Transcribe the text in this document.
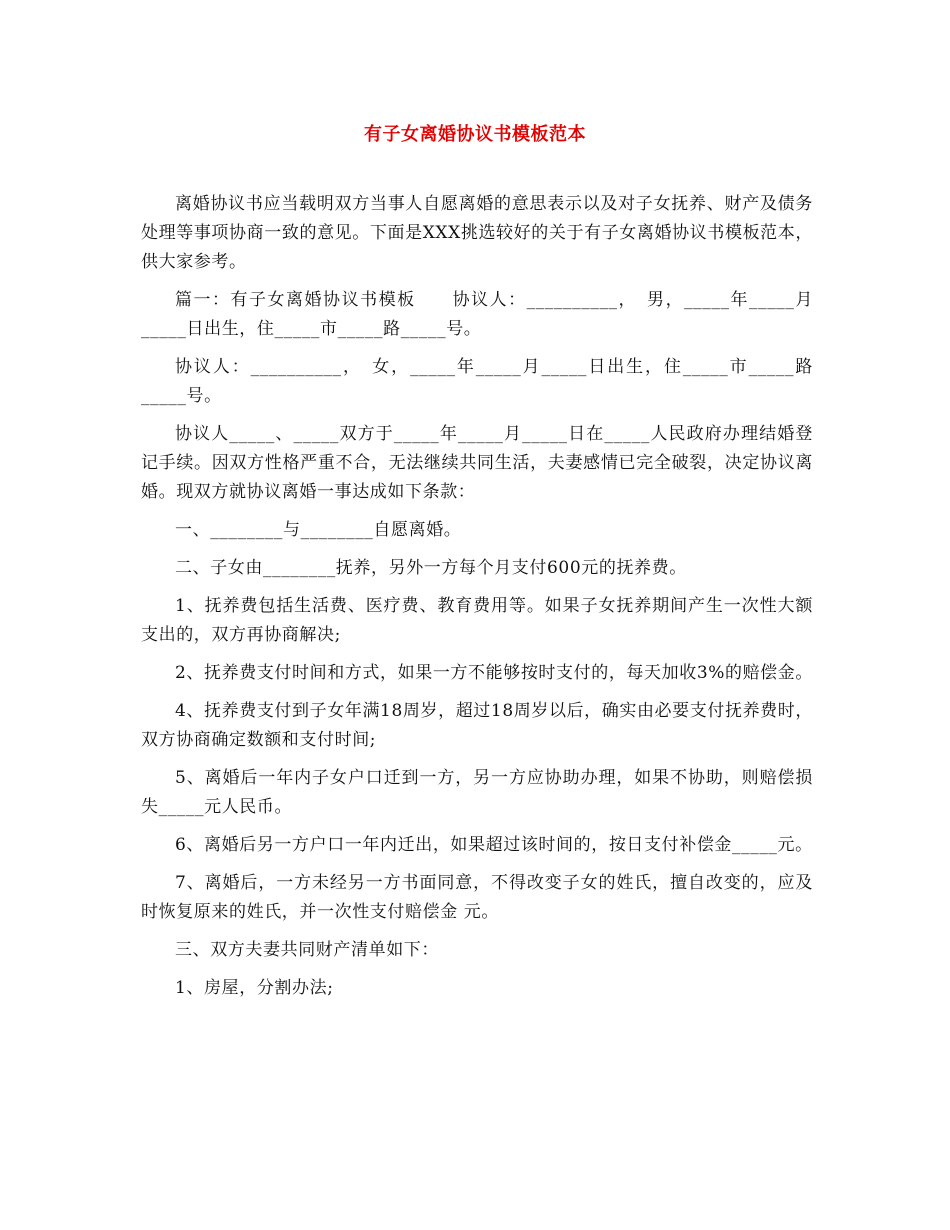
有子女离婚协议书模板范本

离婚协议书应当载明双方当事人自愿离婚的意思表示以及对子女抚养、财产及债务处理等事项协商一致的意见。下面是XXX挑选较好的关于有子女离婚协议书模板范本，供大家参考。

篇一：有子女离婚协议书模板　　协议人：__________，　男，_____年_____月_____日出生，住_____市_____路_____号。

协议人：__________，　女，_____年_____月_____日出生，住_____市_____路_____号。

协议人_____、_____双方于_____年_____月_____日在_____人民政府办理结婚登记手续。因双方性格严重不合，无法继续共同生活，夫妻感情已完全破裂，决定协议离婚。现双方就协议离婚一事达成如下条款：

一、________与________自愿离婚。

二、子女由________抚养，另外一方每个月支付600元的抚养费。

1、抚养费包括生活费、医疗费、教育费用等。如果子女抚养期间产生一次性大额支出的，双方再协商解决;

2、抚养费支付时间和方式，如果一方不能够按时支付的，每天加收3%的赔偿金。

4、抚养费支付到子女年满18周岁，超过18周岁以后，确实由必要支付抚养费时，双方协商确定数额和支付时间;

5、离婚后一年内子女户口迁到一方，另一方应协助办理，如果不协助，则赔偿损失_____元人民币。

6、离婚后另一方户口一年内迁出，如果超过该时间的，按日支付补偿金_____元。

7、离婚后，一方未经另一方书面同意，不得改变子女的姓氏，擅自改变的，应及时恢复原来的姓氏，并一次性支付赔偿金 元。

三、双方夫妻共同财产清单如下：

1、房屋，分割办法;
